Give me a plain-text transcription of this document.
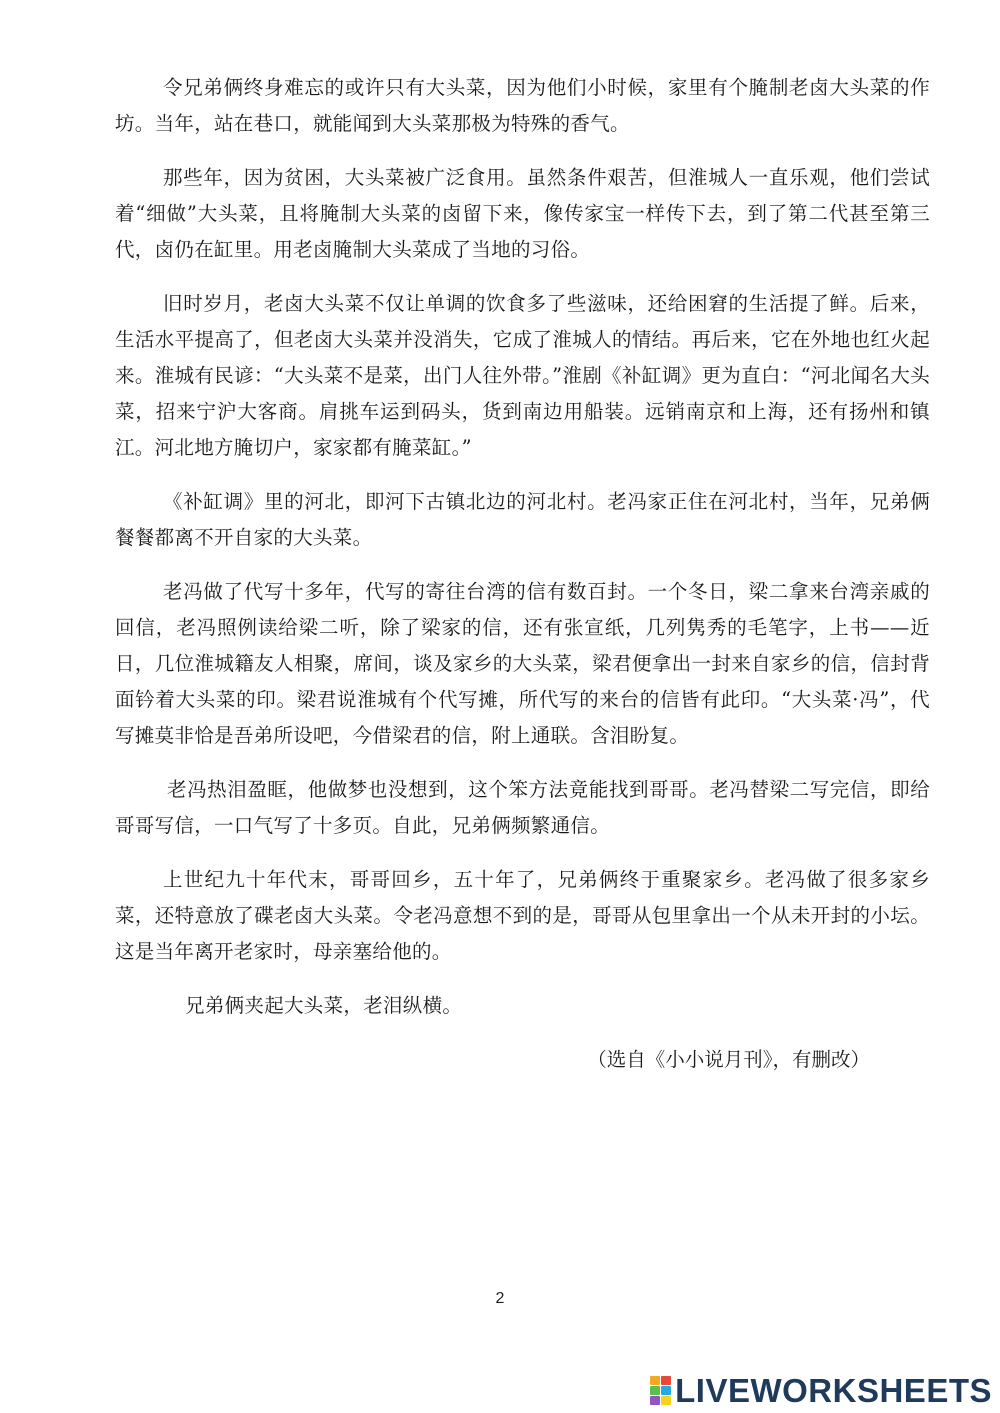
令兄弟俩终身难忘的或许只有大头菜，因为他们小时候，家里有个腌制老卤大头菜的作坊。当年，站在巷口，就能闻到大头菜那极为特殊的香气。

那些年，因为贫困，大头菜被广泛食用。虽然条件艰苦，但淮城人一直乐观，他们尝试着“细做”大头菜，且将腌制大头菜的卤留下来，像传家宝一样传下去，到了第二代甚至第三代，卤仍在缸里。用老卤腌制大头菜成了当地的习俗。

旧时岁月，老卤大头菜不仅让单调的饮食多了些滋味，还给困窘的生活提了鲜。后来，生活水平提高了，但老卤大头菜并没消失，它成了淮城人的情结。再后来，它在外地也红火起来。淮城有民谚：“大头菜不是菜，出门人往外带。”淮剧《补缸调》更为直白：“河北闻名大头菜，招来宁沪大客商。肩挑车运到码头，货到南边用船装。远销南京和上海，还有扬州和镇江。河北地方腌切户，家家都有腌菜缸。”

《补缸调》里的河北，即河下古镇北边的河北村。老冯家正住在河北村，当年，兄弟俩餐餐都离不开自家的大头菜。

老冯做了代写十多年，代写的寄往台湾的信有数百封。一个冬日，梁二拿来台湾亲戚的回信，老冯照例读给梁二听，除了梁家的信，还有张宣纸，几列隽秀的毛笔字，上书——近日，几位淮城籍友人相聚，席间，谈及家乡的大头菜，梁君便拿出一封来自家乡的信，信封背面钤着大头菜的印。梁君说淮城有个代写摊，所代写的来台的信皆有此印。“大头菜·冯”，代写摊莫非恰是吾弟所设吧，今借梁君的信，附上通联。含泪盼复。

老冯热泪盈眶，他做梦也没想到，这个笨方法竟能找到哥哥。老冯替梁二写完信，即给哥哥写信，一口气写了十多页。自此，兄弟俩频繁通信。

上世纪九十年代末，哥哥回乡，五十年了，兄弟俩终于重聚家乡。老冯做了很多家乡菜，还特意放了碟老卤大头菜。令老冯意想不到的是，哥哥从包里拿出一个从未开封的小坛。这是当年离开老家时，母亲塞给他的。

兄弟俩夹起大头菜，老泪纵横。

（选自《小小说月刊》，有删改）

2
LIVEWORKSHEETS
